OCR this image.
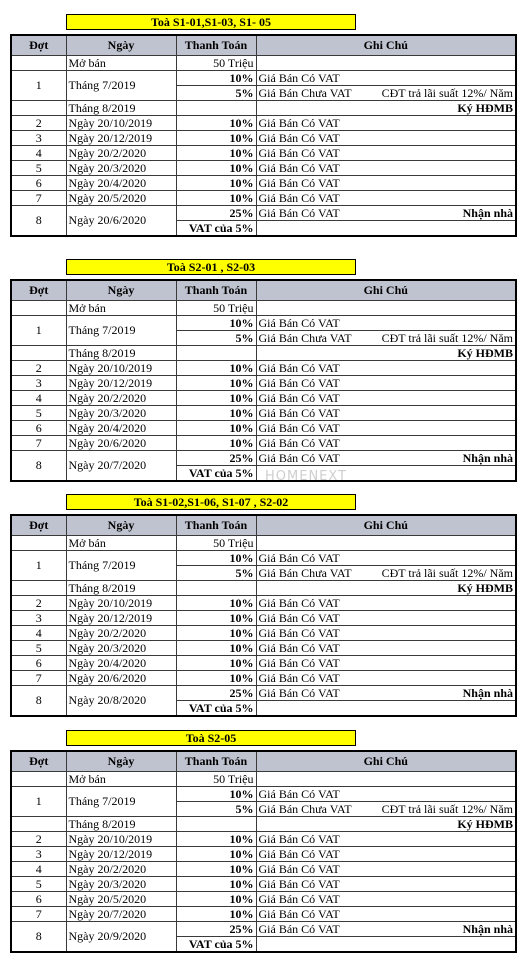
Toà S1-01,S1-03, S1- 05
Đợt	Ngày	Thanh Toán	Ghi Chú
	Mở bán	50 Triệu	
1	Tháng 7/2019	10%	Giá Bán Có VAT
		5%	Giá Bán Chưa VAT CĐT trả lãi suất 12%/ Năm

	Tháng 8/2019		Ký HĐMB
2	Ngày 20/10/2019	10%	Giá Bán Có VAT
3	Ngày 20/12/2019	10%	Giá Bán Có VAT
4	Ngày 20/2/2020	10%	Giá Bán Có VAT
5	Ngày 20/3/2020	10%	Giá Bán Có VAT
6	Ngày 20/4/2020	10%	Giá Bán Có VAT
7	Ngày 20/5/2020	10%	Giá Bán Có VAT
8	Ngày 20/6/2020	25%	Giá Bán Có VAT Nhận nhà

		VAT của 5%	
Toà S2-01 , S2-03
Đợt	Ngày	Thanh Toán	Ghi Chú
	Mở bán	50 Triệu	
1	Tháng 7/2019	10%	Giá Bán Có VAT
		5%	Giá Bán Chưa VAT CĐT trả lãi suất 12%/ Năm

	Tháng 8/2019		Ký HĐMB
2	Ngày 20/10/2019	10%	Giá Bán Có VAT
3	Ngày 20/12/2019	10%	Giá Bán Có VAT
4	Ngày 20/2/2020	10%	Giá Bán Có VAT
5	Ngày 20/3/2020	10%	Giá Bán Có VAT
6	Ngày 20/4/2020	10%	Giá Bán Có VAT
7	Ngày 20/6/2020	10%	Giá Bán Có VAT
8	Ngày 20/7/2020	25%	Giá Bán Có VAT Nhận nhà

		VAT của 5%	
Toà S1-02,S1-06, S1-07 , S2-02
Đợt	Ngày	Thanh Toán	Ghi Chú
	Mở bán	50 Triệu	
1	Tháng 7/2019	10%	Giá Bán Có VAT
		5%	Giá Bán Chưa VAT CĐT trả lãi suất 12%/ Năm

	Tháng 8/2019		Ký HĐMB
2	Ngày 20/10/2019	10%	Giá Bán Có VAT
3	Ngày 20/12/2019	10%	Giá Bán Có VAT
4	Ngày 20/2/2020	10%	Giá Bán Có VAT
5	Ngày 20/3/2020	10%	Giá Bán Có VAT
6	Ngày 20/4/2020	10%	Giá Bán Có VAT
7	Ngày 20/6/2020	10%	Giá Bán Có VAT
8	Ngày 20/8/2020	25%	Giá Bán Có VAT Nhận nhà

		VAT của 5%	
Toà S2-05
Đợt	Ngày	Thanh Toán	Ghi Chú
	Mở bán	50 Triệu	
1	Tháng 7/2019	10%	Giá Bán Có VAT
		5%	Giá Bán Chưa VAT CĐT trả lãi suất 12%/ Năm

	Tháng 8/2019		Ký HĐMB
2	Ngày 20/10/2019	10%	Giá Bán Có VAT
3	Ngày 20/12/2019	10%	Giá Bán Có VAT
4	Ngày 20/2/2020	10%	Giá Bán Có VAT
5	Ngày 20/3/2020	10%	Giá Bán Có VAT
6	Ngày 20/5/2020	10%	Giá Bán Có VAT
7	Ngày 20/7/2020	10%	Giá Bán Có VAT
8	Ngày 20/9/2020	25%	Giá Bán Có VAT Nhận nhà

		VAT của 5%	
HOMENEXT
